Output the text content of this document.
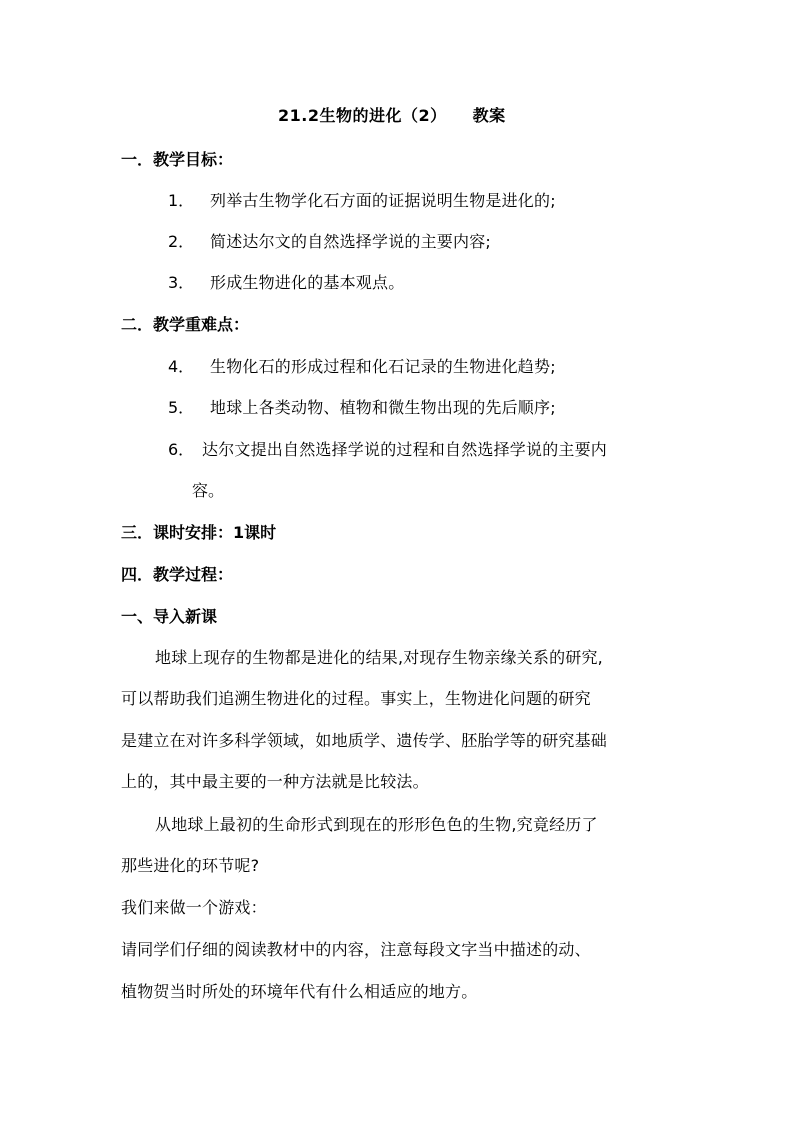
21.2生物的进化（2） 教案
一．教学目标：
1． 列举古生物学化石方面的证据说明生物是进化的;
2． 简述达尔文的自然选择学说的主要内容;
3． 形成生物进化的基本观点。
二．教学重难点：
4． 生物化石的形成过程和化石记录的生物进化趋势;
5． 地球上各类动物、植物和微生物出现的先后顺序;
6． 达尔文提出自然选择学说的过程和自然选择学说的主要内
容。
三．课时安排：1课时
四．教学过程：
一、导入新课
地球上现存的生物都是进化的结果,对现存生物亲缘关系的研究,
可以帮助我们追溯生物进化的过程。事实上，生物进化问题的研究
是建立在对许多科学领域，如地质学、遗传学、胚胎学等的研究基础
上的，其中最主要的一种方法就是比较法。
从地球上最初的生命形式到现在的形形色色的生物,究竟经历了
那些进化的环节呢?
我们来做一个游戏：
请同学们仔细的阅读教材中的内容，注意每段文字当中描述的动、
植物贺当时所处的环境年代有什么相适应的地方。
